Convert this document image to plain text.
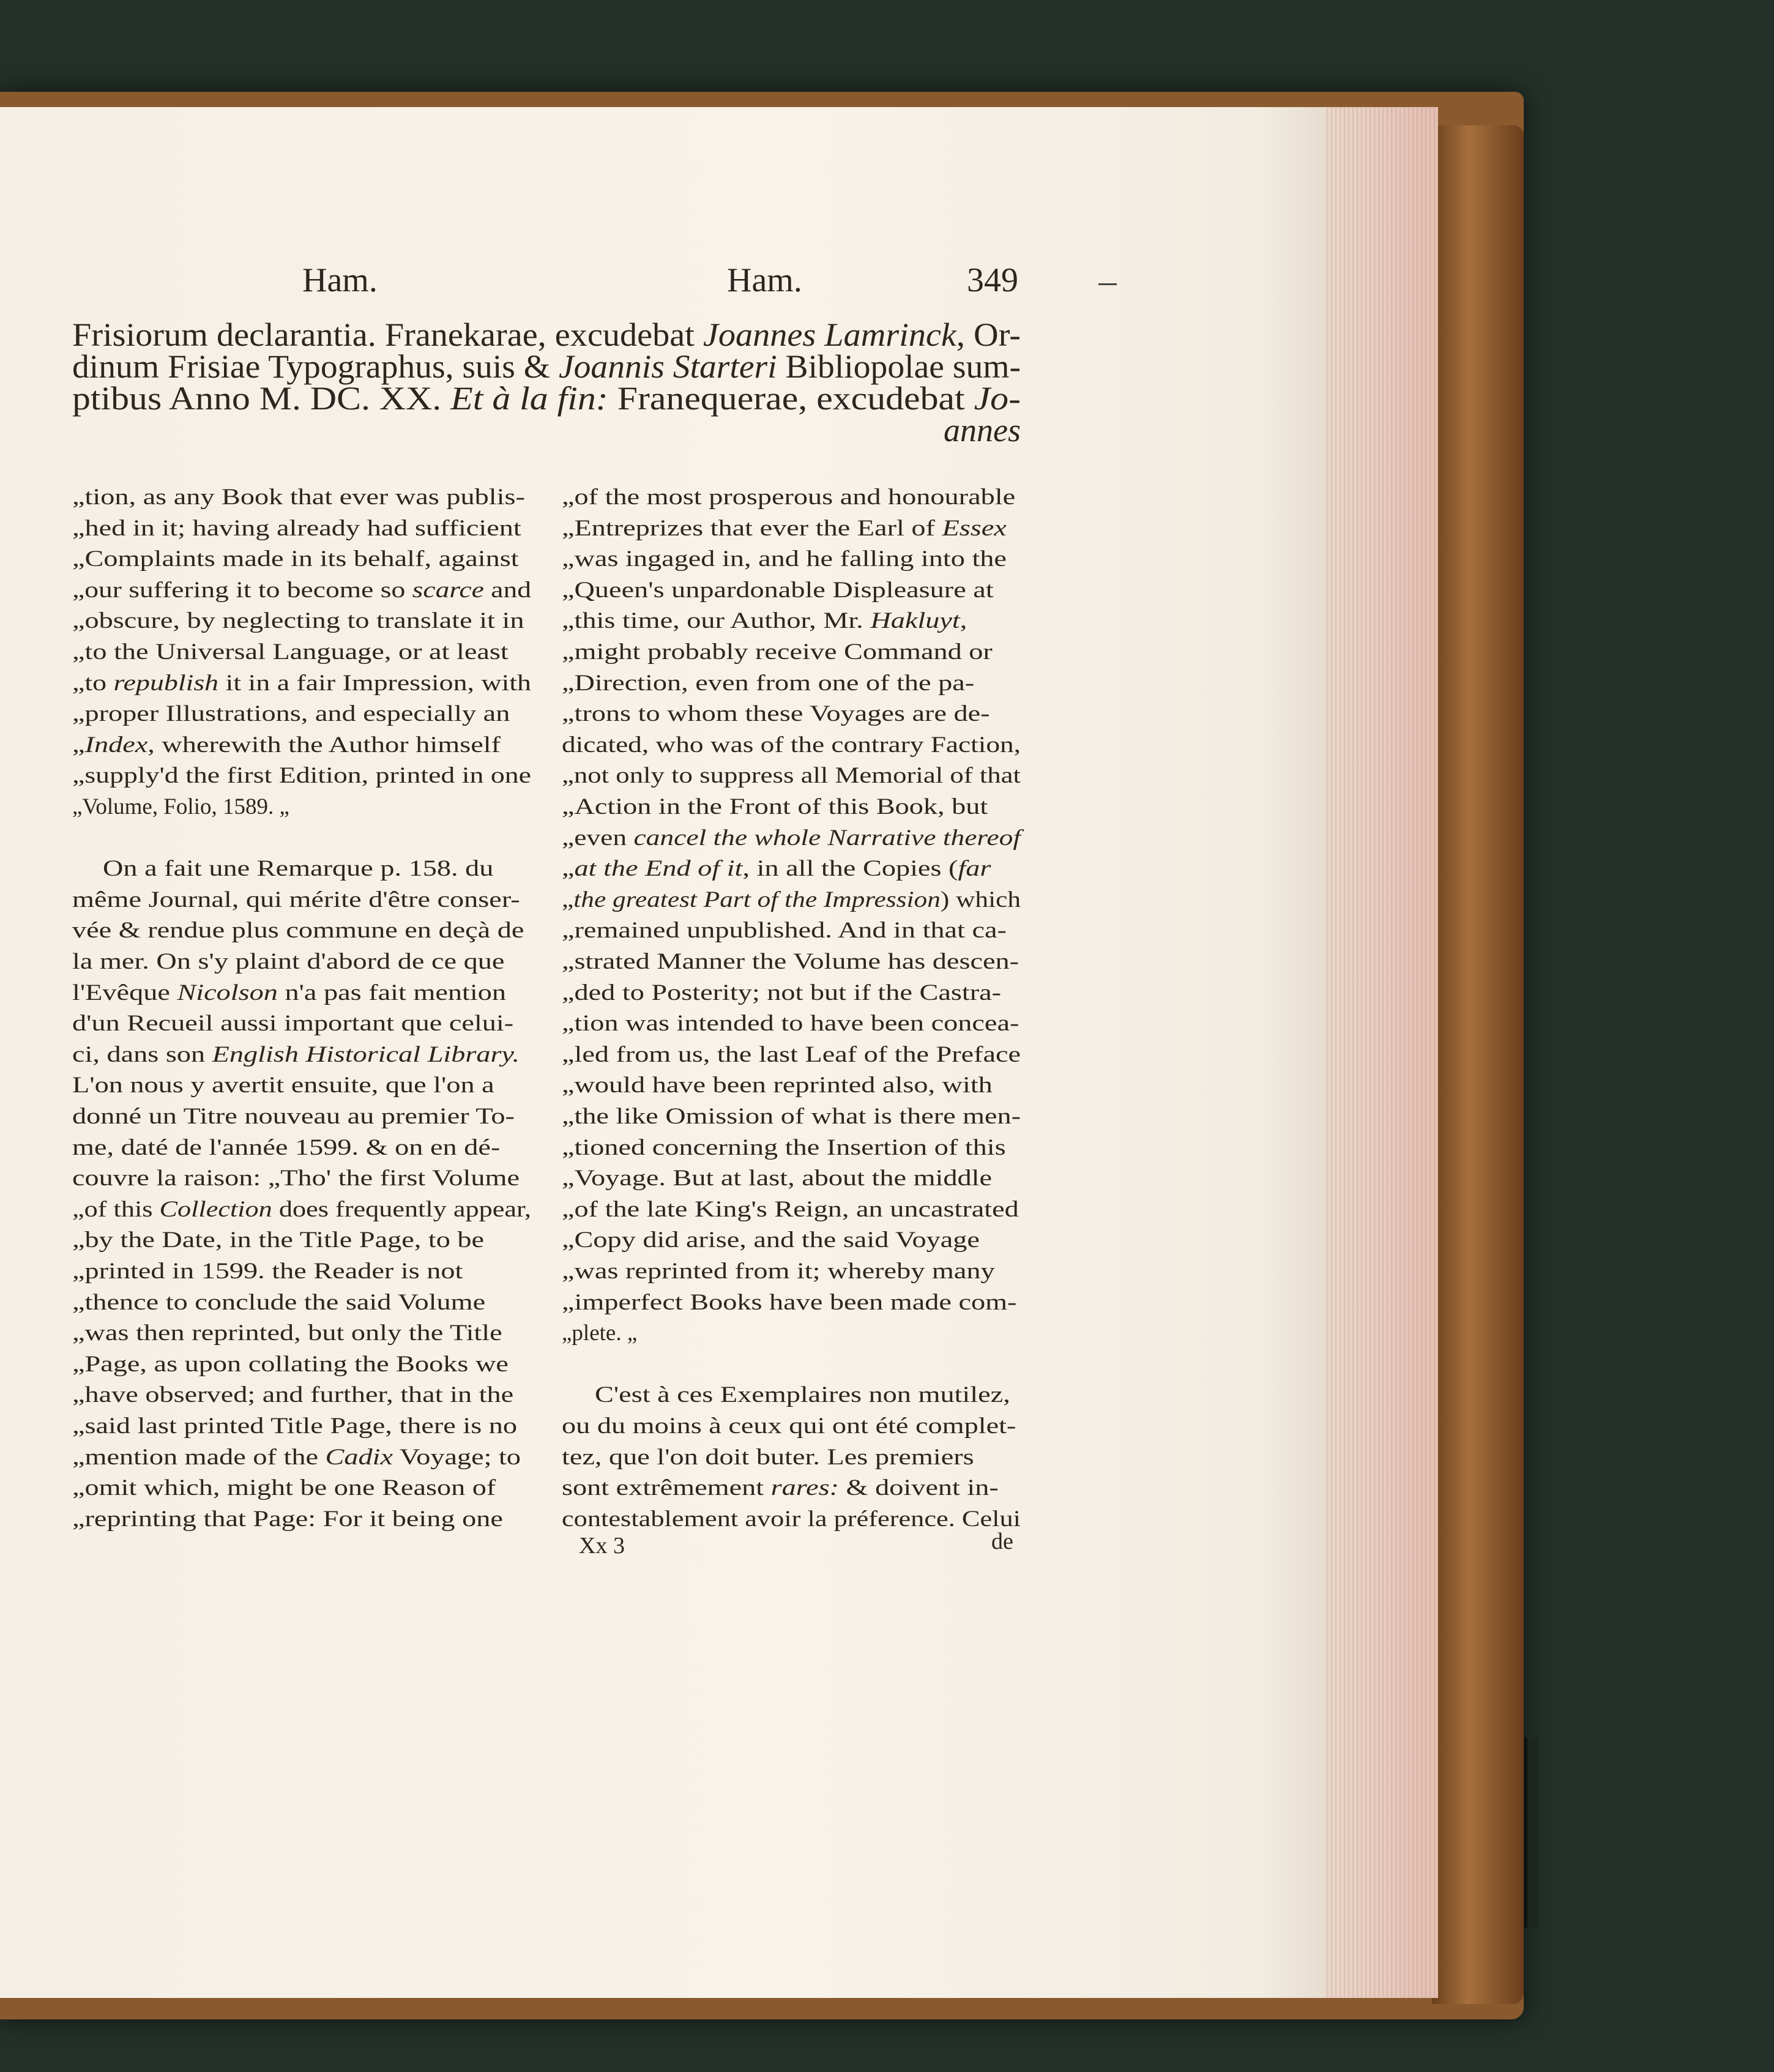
Ham.	Ham.	349
Frisiorum declarantia. Franekarae, excudebat Joannes Lamrinck, Or-
dinum Frisiae Typographus, suis & Joannis Starteri Bibliopolae sum-
ptibus Anno M. DC. XX. Et à la fin: Franequerae, excudebat Jo-
annes
„tion, as any Book that ever was publis-
„hed in it; having already had sufficient
„Complaints made in its behalf, against
„our suffering it to become so scarce and
„obscure, by neglecting to translate it in
„to the Universal Language, or at least
„to republish it in a fair Impression, with
„proper Illustrations, and especially an
„Index, wherewith the Author himself
„supply'd the first Edition, printed in one
„Volume, Folio, 1589. „
On a fait une Remarque p. 158. du
même Journal, qui mérite d'être conser-
vée & rendue plus commune en deçà de
la mer. On s'y plaint d'abord de ce que
l'Evêque Nicolson n'a pas fait mention
d'un Recueil aussi important que celui-
ci, dans son English Historical Library.
L'on nous y avertit ensuite, que l'on a
donné un Titre nouveau au premier To-
me, daté de l'année 1599. & on en dé-
couvre la raison: „Tho' the first Volume
„of this Collection does frequently appear,
„by the Date, in the Title Page, to be
„printed in 1599. the Reader is not
„thence to conclude the said Volume
„was then reprinted, but only the Title
„Page, as upon collating the Books we
„have observed; and further, that in the
„said last printed Title Page, there is no
„mention made of the Cadix Voyage; to
„omit which, might be one Reason of
„reprinting that Page: For it being one
„of the most prosperous and honourable
„Entreprizes that ever the Earl of Essex
„was ingaged in, and he falling into the
„Queen's unpardonable Displeasure at
„this time, our Author, Mr. Hakluyt,
„might probably receive Command or
„Direction, even from one of the pa-
„trons to whom these Voyages are de-
dicated, who was of the contrary Faction,
„not only to suppress all Memorial of that
„Action in the Front of this Book, but
„even cancel the whole Narrative thereof
„at the End of it, in all the Copies (far
„the greatest Part of the Impression) which
„remained unpublished. And in that ca-
„strated Manner the Volume has descen-
„ded to Posterity; not but if the Castra-
„tion was intended to have been concea-
„led from us, the last Leaf of the Preface
„would have been reprinted also, with
„the like Omission of what is there men-
„tioned concerning the Insertion of this
„Voyage. But at last, about the middle
„of the late King's Reign, an uncastrated
„Copy did arise, and the said Voyage
„was reprinted from it; whereby many
„imperfect Books have been made com-
„plete. „
C'est à ces Exemplaires non mutilez,
ou du moins à ceux qui ont été complet-
tez, que l'on doit buter. Les premiers
sont extrêmement rares: & doivent in-
contestablement avoir la préference. Celui
Xx 3	de
